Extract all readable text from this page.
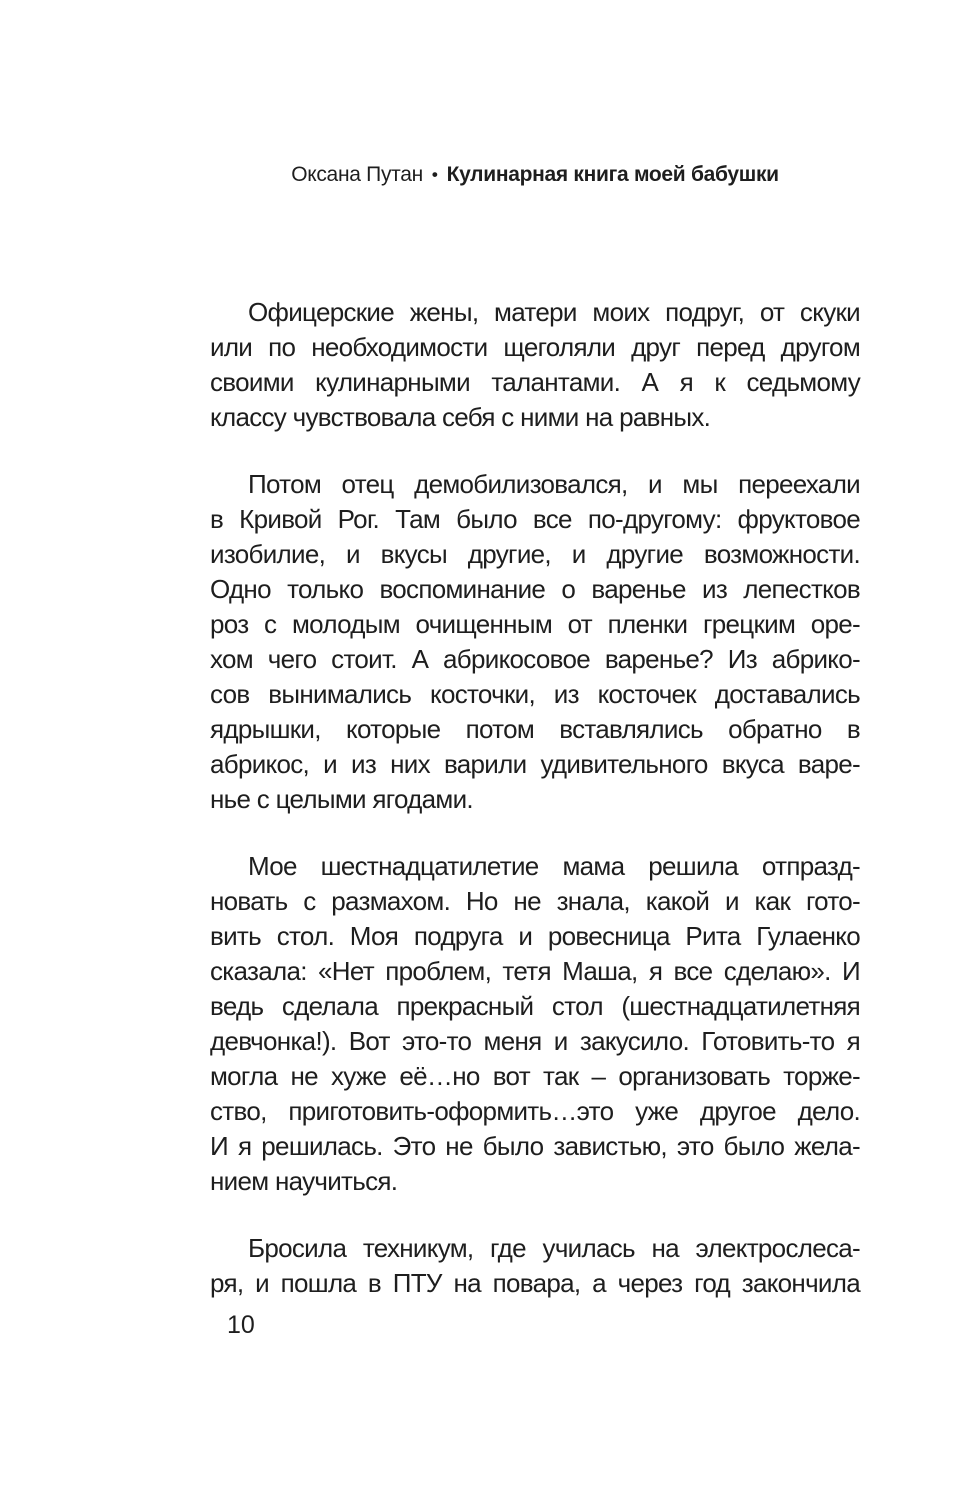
Оксана Путан • Кулинарная книга моей бабушки
Офицерские жены, матери моих подруг, от скуки
или по необходимости щеголяли друг перед другом
своими кулинарными талантами. А я к седьмому
классу чувствовала себя с ними на равных.
Потом отец демобилизовался, и мы переехали
в Кривой Рог. Там было все по-другому: фруктовое
изобилие, и вкусы другие, и другие возможности.
Одно только воспоминание о варенье из лепестков
роз с молодым очищенным от пленки грецким оре-
хом чего стоит. А абрикосовое варенье? Из абрико-
сов вынимались косточки, из косточек доставались
ядрышки, которые потом вставлялись обратно в
абрикос, и из них варили удивительного вкуса варе-
нье с целыми ягодами.
Мое шестнадцатилетие мама решила отпразд-
новать с размахом. Но не знала, какой и как гото-
вить стол. Моя подруга и ровесница Рита Гулаенко
сказала: «Нет проблем, тетя Маша, я все сделаю». И
ведь сделала прекрасный стол (шестнадцатилетняя
девчонка!). Вот это-то меня и закусило. Готовить-то я
могла не хуже её…но вот так – организовать торже-
ство, приготовить-оформить…это уже другое дело.
И я решилась. Это не было завистью, это было жела-
нием научиться.
Бросила техникум, где училась на электрослеса-
ря, и пошла в ПТУ на повара, а через год закончила
10
